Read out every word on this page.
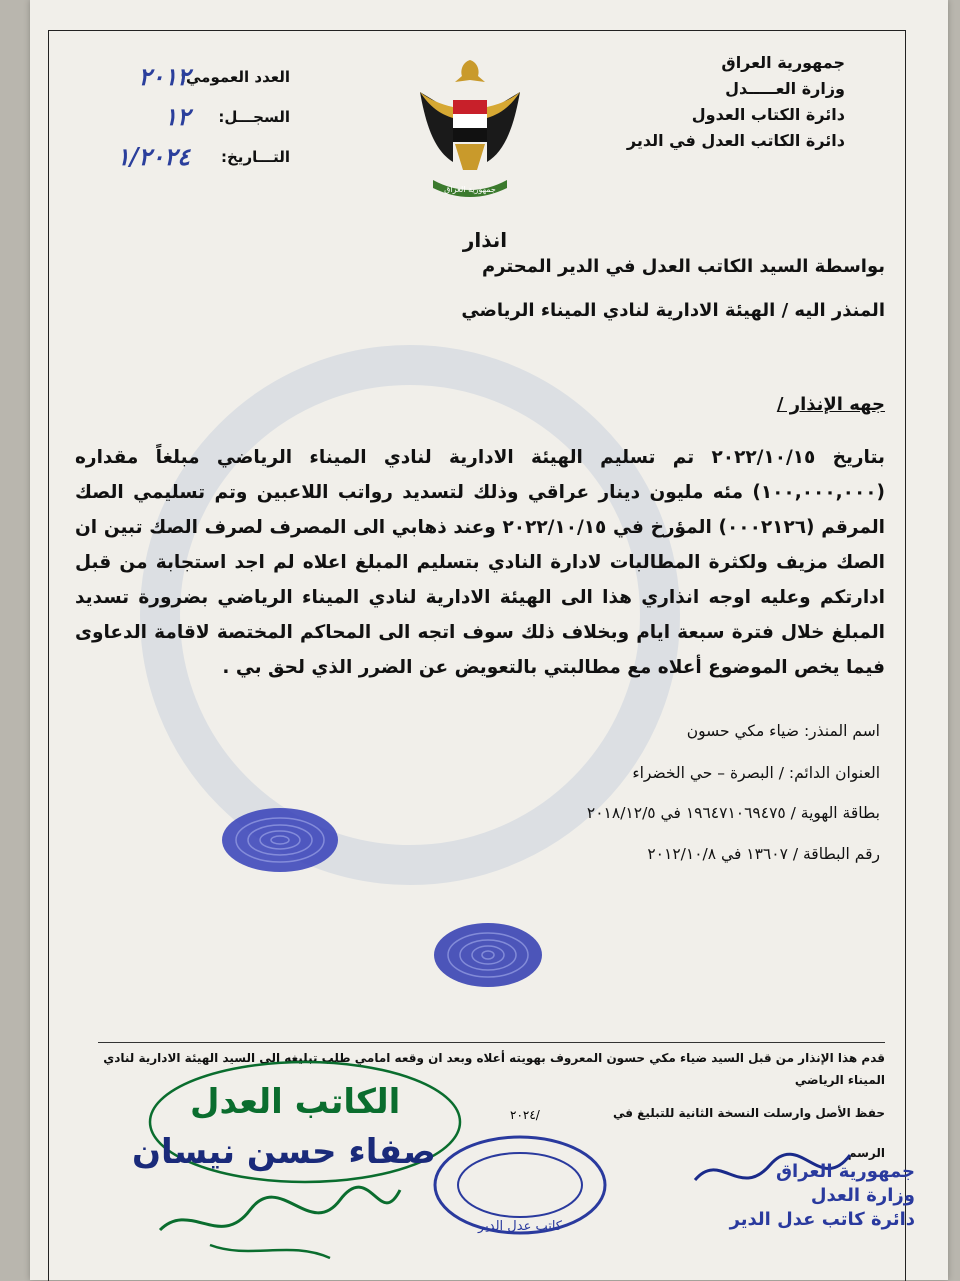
جمهورية العراق
وزارة العـــــدل
دائرة الكتاب العدول
دائرة الكاتب العدل في الدير
جمهورية العراق
العدد العمومي:
٢٠١٢
السجـــل:
١٢
التـــاريخ:
١/٢٠٢٤
انذار
بواسطة السيد الكاتب العدل في الدير المحترم
المنذر اليه / الهيئة الادارية لنادي الميناء الرياضي
جهه الإنذار /
بتاريخ ٢٠٢٢/١٠/١٥ تم تسليم الهيئة الادارية لنادي الميناء الرياضي مبلغاً مقداره (١٠٠,٠٠٠,٠٠٠) مئه مليون دينار عراقي وذلك لتسديد رواتب اللاعبين وتم تسليمي الصك المرقم (٠٠٠٢١٢٦) المؤرخ في ٢٠٢٢/١٠/١٥ وعند ذهابي الى المصرف لصرف الصك تبين ان الصك مزيف ولكثرة المطالبات لادارة النادي بتسليم المبلغ اعلاه لم اجد استجابة من قبل ادارتكم وعليه اوجه انذاري هذا الى الهيئة الادارية لنادي الميناء الرياضي بضرورة تسديد المبلغ خلال فترة سبعة ايام وبخلاف ذلك سوف اتجه الى المحاكم المختصة لاقامة الدعاوى فيما يخص الموضوع أعلاه مع مطالبتي بالتعويض عن الضرر الذي لحق بي .
اسم المنذر: ضياء مكي حسون
العنوان الدائم: / البصرة – حي الخضراء
بطاقة الهوية / ١٩٦٤٧١٠٦٩٤٧٥ في ٢٠١٨/١٢/٥
رقم البطاقة / ١٣٦٠٧ في ٢٠١٢/١٠/٨
قدم هذا الإنذار من قبل السيد ضياء مكي حسون المعروف بهويته أعلاه وبعد ان وقعه امامي طلب تبليغه الى السيد الهيئة الادارية لنادي الميناء الرياضي
حفظ الأصل وارسلت النسخة الثانية للتبليغ في
٢٠٢٤/
الرسم
كاتب عدل الدير
الكاتب العدل
صفاء حسن نيسان	جمهورية العراق
وزارة العدل
دائرة كاتب عدل الدير
